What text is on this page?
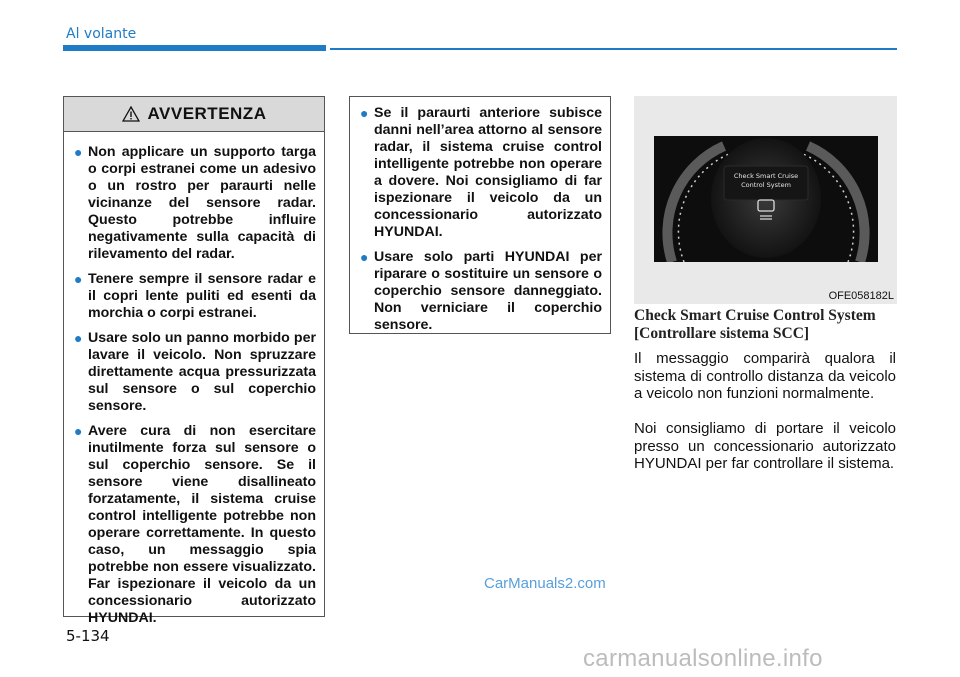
Al volante
AVVERTENZA
● Non applicare un supporto targa o corpi estranei come un adesivo o un rostro per paraurti nelle vicinanze del sensore radar. Questo potrebbe influire negativamente sulla capacità di rilevamento del radar.
● Tenere sempre il sensore radar e il copri lente puliti ed esenti da morchia o corpi estranei.
● Usare solo un panno morbido per lavare il veicolo. Non spruzzare direttamente acqua pressurizzata sul sensore o sul coperchio sensore.
● Avere cura di non esercitare inutilmente forza sul sensore o sul coperchio sensore. Se il sensore viene disallineato forzatamente, il sistema cruise control intelligente potrebbe non operare correttamente. In questo caso, un messaggio spia potrebbe non essere visualizzato. Far ispezionare il veicolo da un concessionario autorizzato HYUNDAI.
● Se il paraurti anteriore subisce danni nell’area attorno al sensore radar, il sistema cruise control intelligente potrebbe non operare a dovere. Noi consigliamo di far ispezionare il veicolo da un concessionario autorizzato HYUNDAI.
● Usare solo parti HYUNDAI per riparare o sostituire un sensore o coperchio sensore danneggiato. Non verniciare il coperchio sensore.
Check Smart Cruise
Control System
OFE058182L
Check Smart Cruise Control System
[Controllare sistema SCC]

Il messaggio comparirà qualora il sistema di controllo distanza da veicolo a veicolo non funzioni normalmente.

Noi consigliamo di portare il veicolo presso un concessionario autorizzato HYUNDAI per far controllare il sistema.

5-134
CarManuals2.com
carmanualsonline.info
